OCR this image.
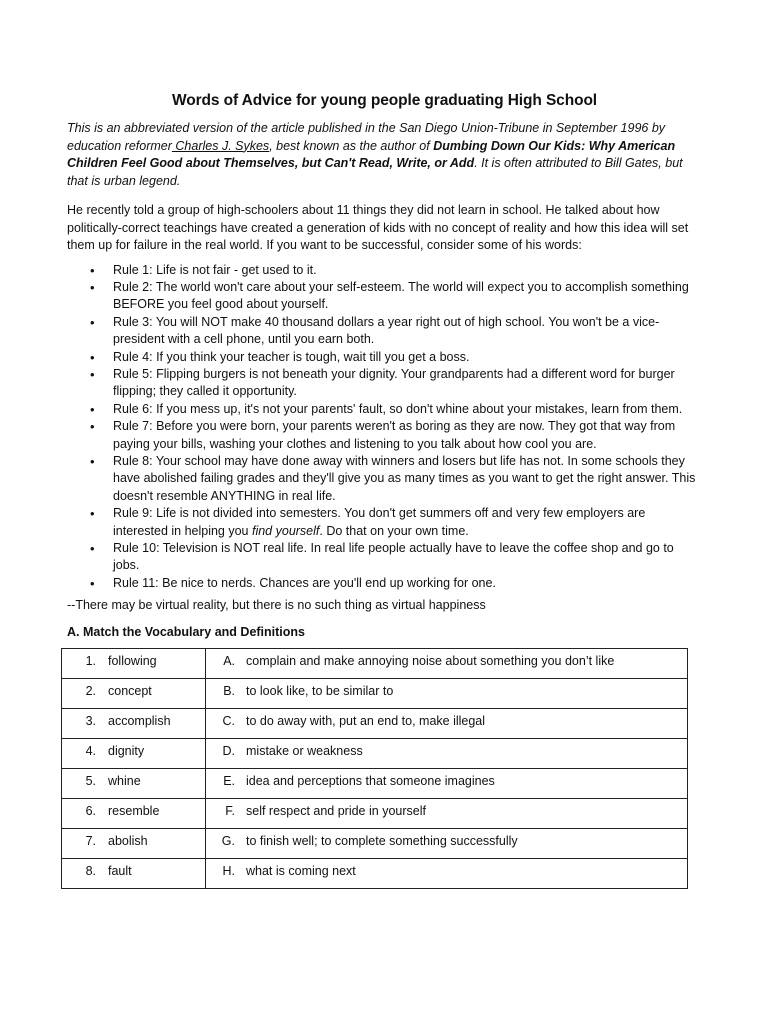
Words of Advice for young people graduating High School

This is an abbreviated version of the article published in the San Diego Union-Tribune in September 1996 by education reformer Charles J. Sykes, best known as the author of Dumbing Down Our Kids: Why American Children Feel Good about Themselves, but Can't Read, Write, or Add. It is often attributed to Bill Gates, but that is urban legend.

He recently told a group of high-schoolers about 11 things they did not learn in school. He talked about how politically-correct teachings have created a generation of kids with no concept of reality and how this idea will set them up for failure in the real world. If you want to be successful, consider some of his words:

• Rule 1: Life is not fair - get used to it.
• Rule 2: The world won't care about your self-esteem. The world will expect you to accomplish something BEFORE you feel good about yourself.
• Rule 3: You will NOT make 40 thousand dollars a year right out of high school. You won't be a vice-president with a cell phone, until you earn both.
• Rule 4: If you think your teacher is tough, wait till you get a boss.
• Rule 5: Flipping burgers is not beneath your dignity. Your grandparents had a different word for burger flipping; they called it opportunity.
• Rule 6: If you mess up, it's not your parents' fault, so don't whine about your mistakes, learn from them.
• Rule 7: Before you were born, your parents weren't as boring as they are now. They got that way from paying your bills, washing your clothes and listening to you talk about how cool you are.
• Rule 8: Your school may have done away with winners and losers but life has not. In some schools they have abolished failing grades and they'll give you as many times as you want to get the right answer. This doesn't resemble ANYTHING in real life.
• Rule 9: Life is not divided into semesters. You don't get summers off and very few employers are interested in helping you find yourself. Do that on your own time.
• Rule 10: Television is NOT real life. In real life people actually have to leave the coffee shop and go to jobs.
• Rule 11: Be nice to nerds. Chances are you'll end up working for one.

--There may be virtual reality, but there is no such thing as virtual happiness

A. Match the Vocabulary and Definitions
1. following	A. complain and make annoying noise about something you don’t like

2. concept	B. to look like, to be similar to

3. accomplish	C. to do away with, put an end to, make illegal

4. dignity	D. mistake or weakness

5. whine	E. idea and perceptions that someone imagines

6. resemble	F. self respect and pride in yourself

7. abolish	G. to finish well; to complete something successfully

8. fault	H. what is coming next
